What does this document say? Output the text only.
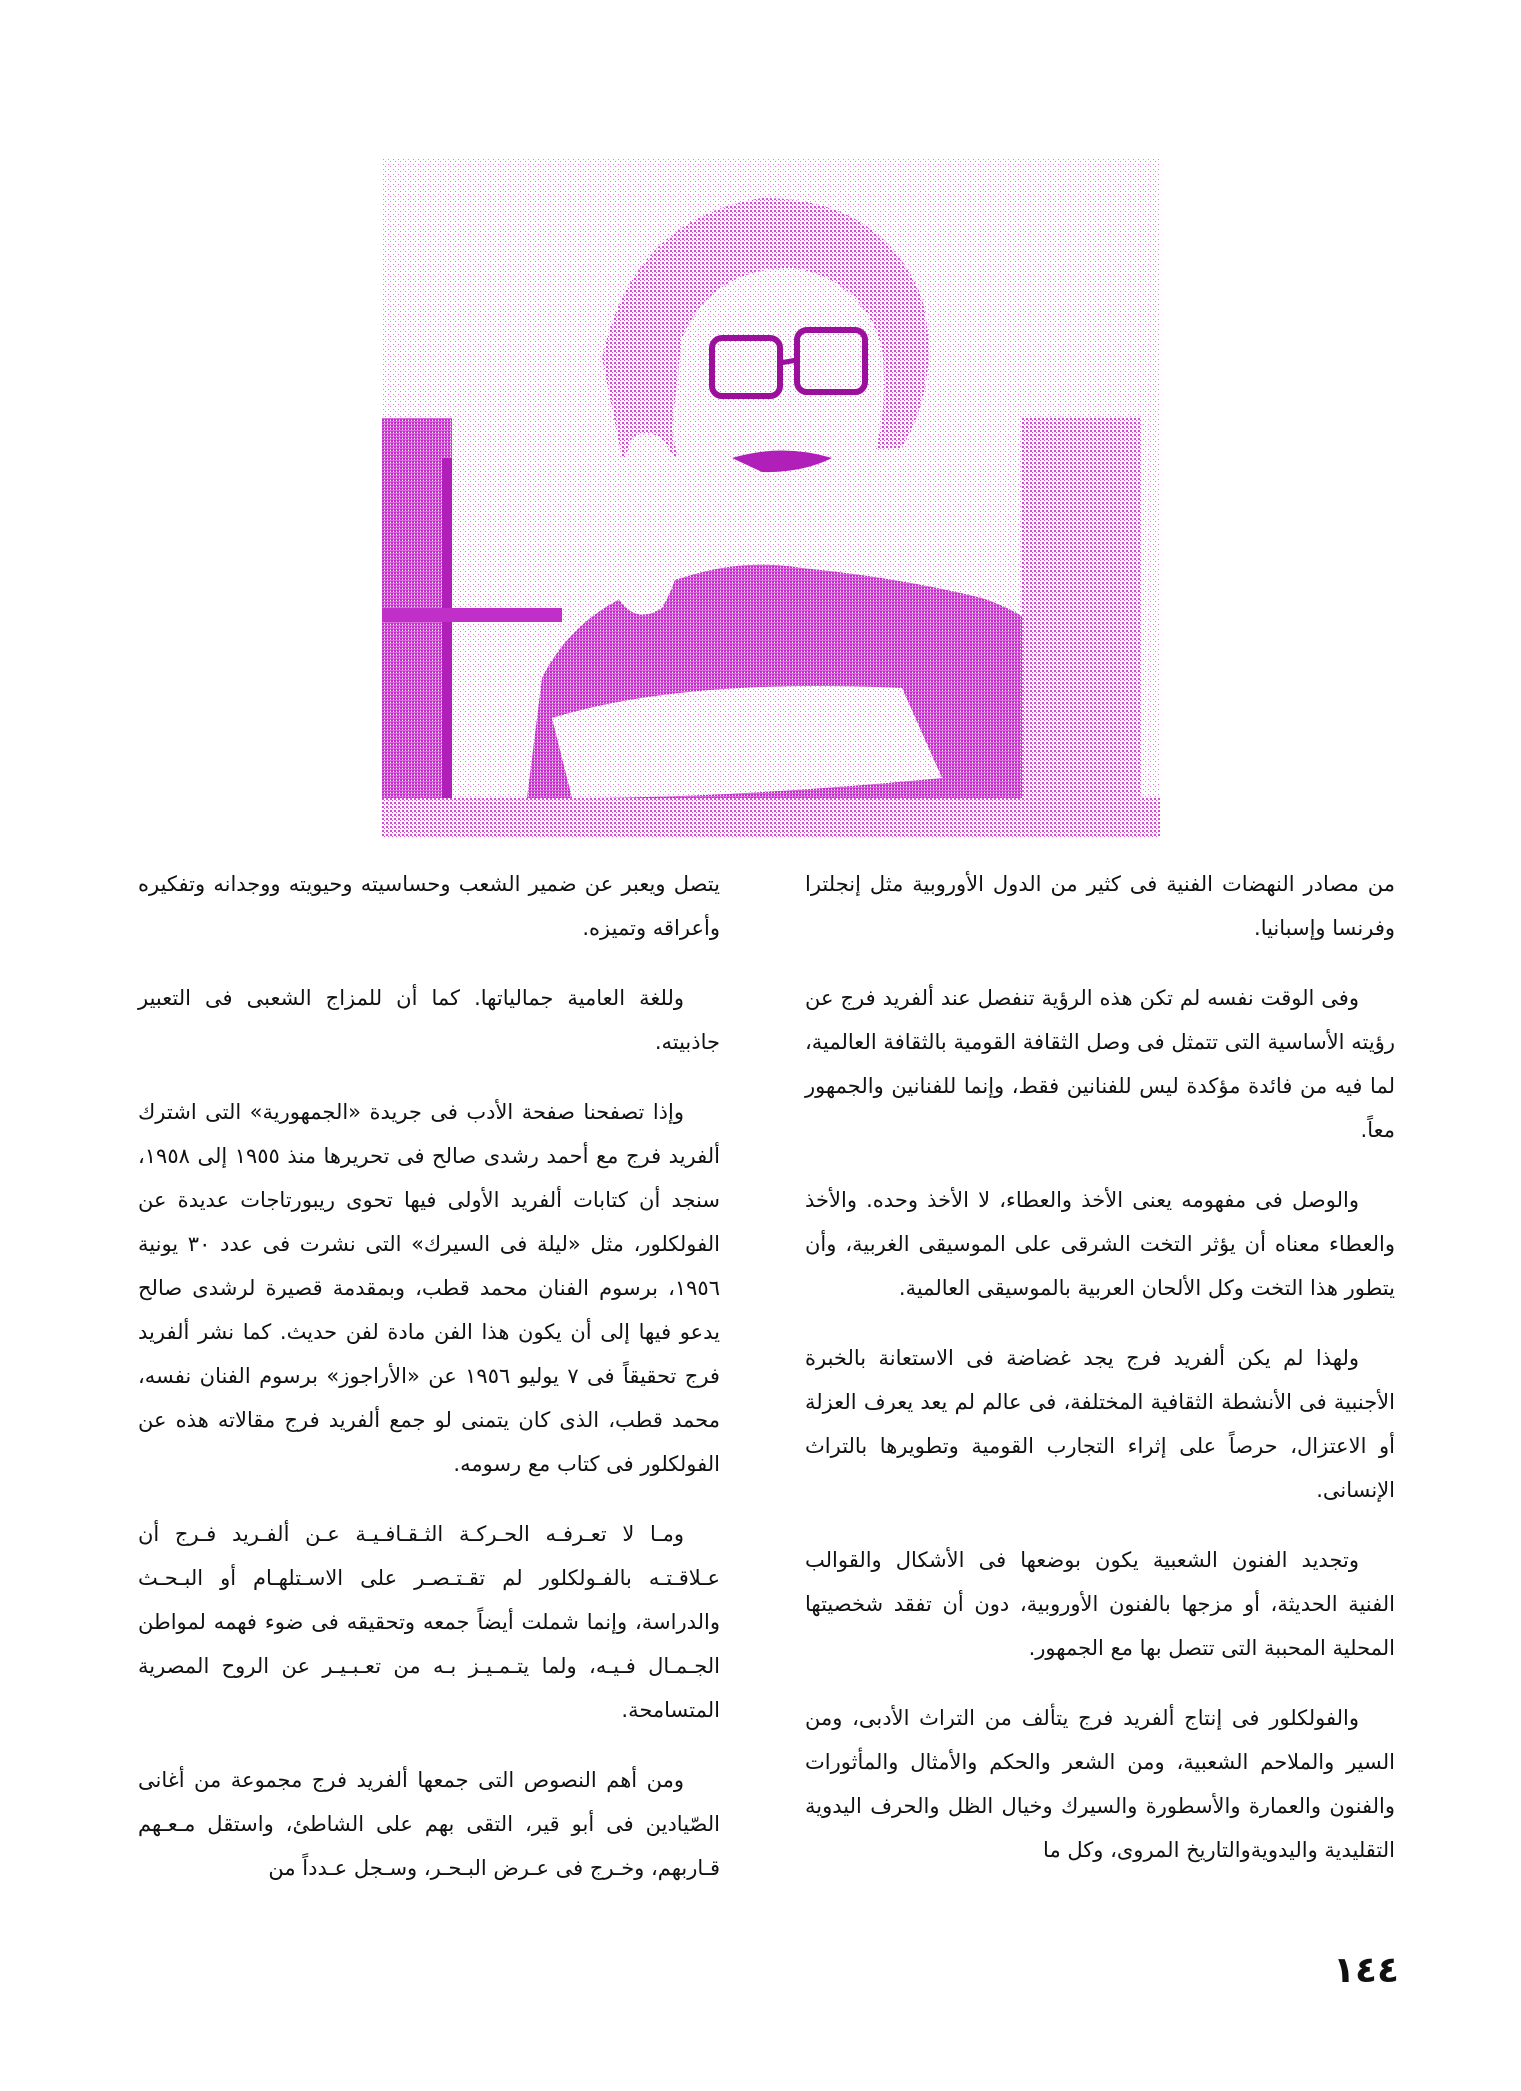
من مصادر النهضات الفنية فى كثير من الدول الأوروبية مثل إنجلترا وفرنسا وإسبانيا.

وفى الوقت نفسه لم تكن هذه الرؤية تنفصل عند ألفريد فرج عن رؤيته الأساسية التى تتمثل فى وصل الثقافة القومية بالثقافة العالمية، لما فيه من فائدة مؤكدة ليس للفنانين فقط، وإنما للفنانين والجمهور معاً.

والوصل فى مفهومه يعنى الأخذ والعطاء، لا الأخذ وحده. والأخذ والعطاء معناه أن يؤثر التخت الشرقى على الموسيقى الغربية، وأن يتطور هذا التخت وكل الألحان العربية بالموسيقى العالمية.

ولهذا لم يكن ألفريد فرج يجد غضاضة فى الاستعانة بالخبرة الأجنبية فى الأنشطة الثقافية المختلفة، فى عالم لم يعد يعرف العزلة أو الاعتزال، حرصاً على إثراء التجارب القومية وتطويرها بالتراث الإنسانى.

وتجديد الفنون الشعبية يكون بوضعها فى الأشكال والقوالب الفنية الحديثة، أو مزجها بالفنون الأوروبية، دون أن تفقد شخصيتها المحلية المحببة التى تتصل بها مع الجمهور.

والفولكلور فى إنتاج ألفريد فرج يتألف من التراث الأدبى، ومن السير والملاحم الشعبية، ومن الشعر والحكم والأمثال والمأثورات والفنون والعمارة والأسطورة والسيرك وخيال الظل والحرف اليدوية التقليدية واليدويةوالتاريخ المروى، وكل ما

يتصل ويعبر عن ضمير الشعب وحساسيته وحيويته ووجدانه وتفكيره وأعراقه وتميزه.

وللغة العامية جمالياتها. كما أن للمزاج الشعبى فى التعبير جاذبيته.

وإذا تصفحنا صفحة الأدب فى جريدة «الجمهورية» التى اشترك ألفريد فرج مع أحمد رشدى صالح فى تحريرها منذ ١٩٥٥ إلى ١٩٥٨، سنجد أن كتابات ألفريد الأولى فيها تحوى ريبورتاجات عديدة عن الفولكلور، مثل «ليلة فى السيرك» التى نشرت فى عدد ٣٠ يونية ١٩٥٦، برسوم الفنان محمد قطب، وبمقدمة قصيرة لرشدى صالح يدعو فيها إلى أن يكون هذا الفن مادة لفن حديث. كما نشر ألفريد فرج تحقيقاً فى ٧ يوليو ١٩٥٦ عن «الأراجوز» برسوم الفنان نفسه، محمد قطب، الذى كان يتمنى لو جمع ألفريد فرج مقالاته هذه عن الفولكلور فى كتاب مع رسومه.

ومـا لا تعـرفـه الحـركـة الثـقـافـيـة عـن ألفـريد فـرج أن عـلاقـتـه بالفـولكلور لم تقـتـصـر على الاسـتلهـام أو البـحـث والدراسة، وإنما شملت أيضاً جمعه وتحقيقه فى ضوء فهمه لمواطن الجـمـال فـيـه، ولما يتـمـيـز بـه من تعـبـيـر عن الروح المصرية المتسامحة.

ومن أهم النصوص التى جمعها ألفريد فرج مجموعة من أغانى الصّيادين فى أبو قير، التقى بهم على الشاطئ، واستقل مـعـهم قـاربهم، وخـرج فى عـرض البـحـر، وسـجل عـدداً من

١٤٤
